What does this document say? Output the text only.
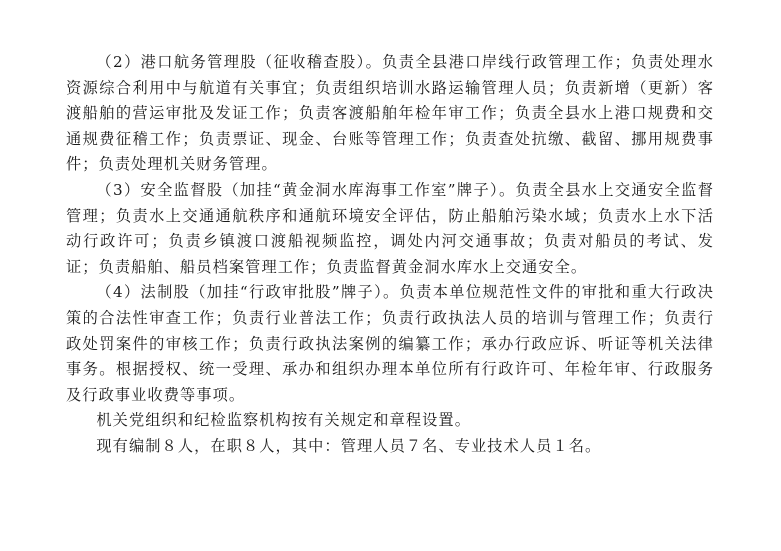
（2）港口航务管理股（征收稽查股）。负责全县港口岸线行政管理工作；负责处理水资源综合利用中与航道有关事宜；负责组织培训水路运输管理人员；负责新增（更新）客渡船舶的营运审批及发证工作；负责客渡船舶年检年审工作；负责全县水上港口规费和交通规费征稽工作；负责票证、现金、台账等管理工作；负责查处抗缴、截留、挪用规费事件；负责处理机关财务管理。

（3）安全监督股（加挂“黄金洞水库海事工作室”牌子）。负责全县水上交通安全监督管理；负责水上交通通航秩序和通航环境安全评估，防止船舶污染水域；负责水上水下活动行政许可；负责乡镇渡口渡船视频监控，调处内河交通事故；负责对船员的考试、发证；负责船舶、船员档案管理工作；负责监督黄金洞水库水上交通安全。

（4）法制股（加挂“行政审批股”牌子）。负责本单位规范性文件的审批和重大行政决策的合法性审查工作；负责行业普法工作；负责行政执法人员的培训与管理工作；负责行政处罚案件的审核工作；负责行政执法案例的编纂工作；承办行政应诉、听证等机关法律事务。根据授权、统一受理、承办和组织办理本单位所有行政许可、年检年审、行政服务及行政事业收费等事项。

机关党组织和纪检监察机构按有关规定和章程设置。

现有编制８人，在职８人，其中：管理人员７名、专业技术人员１名。
